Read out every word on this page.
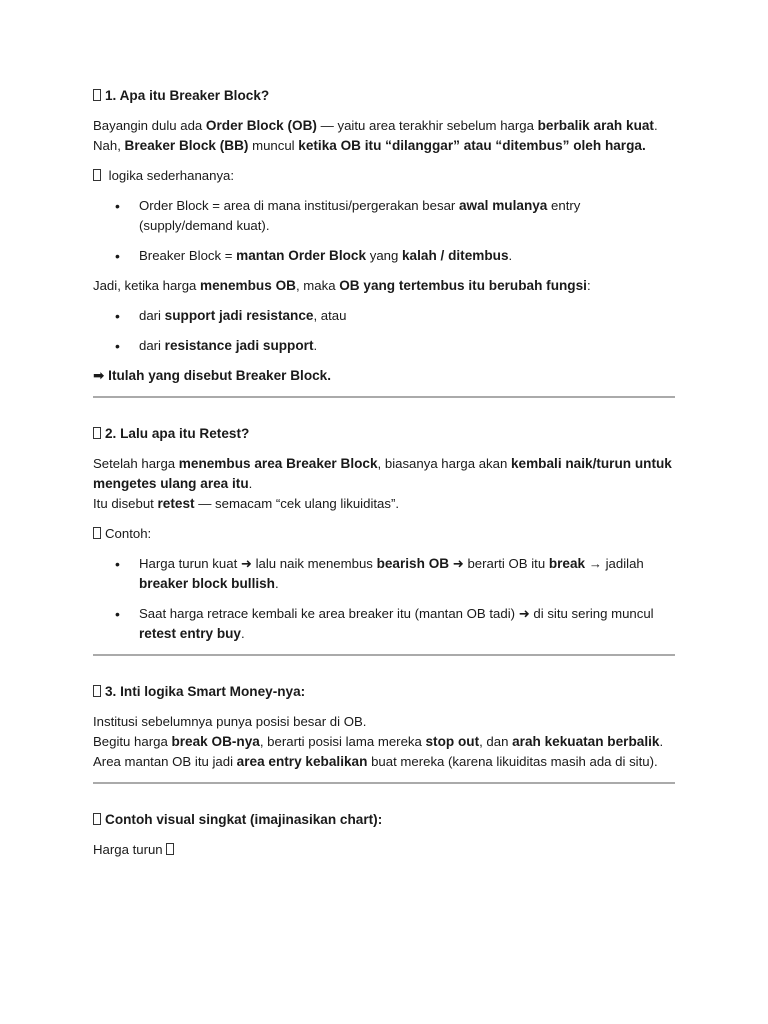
1. Apa itu Breaker Block?
Bayangin dulu ada Order Block (OB) — yaitu area terakhir sebelum harga berbalik arah kuat.
Nah, Breaker Block (BB) muncul ketika OB itu “dilanggar” atau “ditembus” oleh harga.
logika sederhananya:
• Order Block = area di mana institusi/pergerakan besar awal mulanya entry (supply/demand kuat).
• Breaker Block = mantan Order Block yang kalah / ditembus.
Jadi, ketika harga menembus OB, maka OB yang tertembus itu berubah fungsi:
• dari support jadi resistance, atau
• dari resistance jadi support.
➡ Itulah yang disebut Breaker Block.
2. Lalu apa itu Retest?
Setelah harga menembus area Breaker Block, biasanya harga akan kembali naik/turun untuk mengetes ulang area itu.
Itu disebut retest — semacam “cek ulang likuiditas”.
Contoh:
• Harga turun kuat ➜ lalu naik menembus bearish OB ➜ berarti OB itu break → jadilah breaker block bullish.
• Saat harga retrace kembali ke area breaker itu (mantan OB tadi) ➜ di situ sering muncul retest entry buy.
3. Inti logika Smart Money-nya:
Institusi sebelumnya punya posisi besar di OB.
Begitu harga break OB-nya, berarti posisi lama mereka stop out, dan arah kekuatan berbalik.
Area mantan OB itu jadi area entry kebalikan buat mereka (karena likuiditas masih ada di situ).
Contoh visual singkat (imajinasikan chart):
Harga turun
